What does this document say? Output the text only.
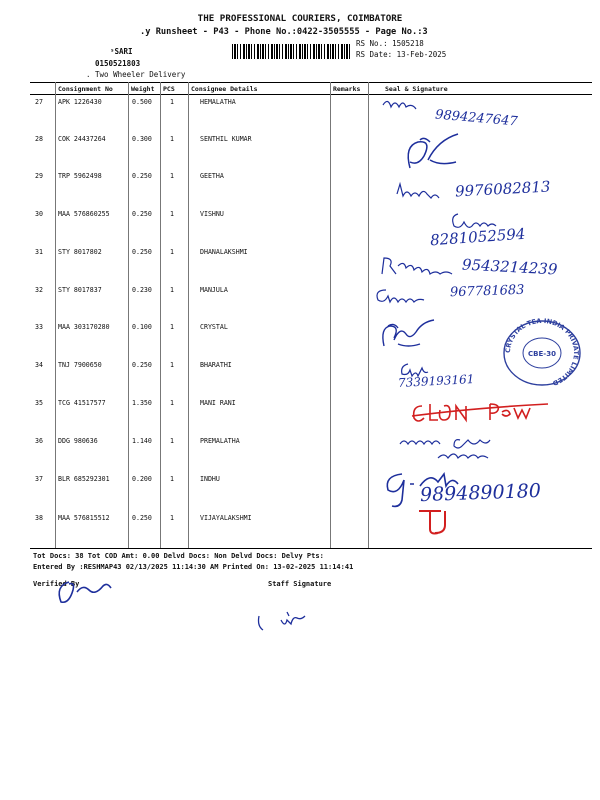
THE PROFESSIONAL COURIERS, COIMBATORE
.y Runsheet - P43 - Phone No.:0422-3505555 - Page No.:3
ˢSARI
0150521803
. Two Wheeler Delivery
RS No.: 1505218
RS Date: 13-Feb-2025
Consignment No	Weight PCS	Consignee Details	Remarks	Seal & Signature
27 APK 1226430	0.500	1	HEMALATHA
28 COK 24437264	0.300	1	SENTHIL KUMAR
29 TRP 5962498	0.250	1	GEETHA
30 MAA 576860255	0.250	1	VISHNU
31 STY 8017802	0.250	1	DHANALAKSHMI
32 STY 8017837	0.230	1	MANJULA
33 MAA 303170280	0.100	1	CRYSTAL
34 TNJ 7900650	0.250	1	BHARATHI
35 TCG 41517577	1.350	1	MANI RANI
36 DDG 980636	1.140	1	PREMALATHA
37 BLR 685292301	0.200	1	INDHU
38 MAA 576815512	0.250	1	VIJAYALAKSHMI
9894247647
9976082813
8281052594
9543214239
967781683
7339193161
9894890180
CRYSTAL TEA INDIA PRIVATE LIMITED
CBE-30
Tot Docs: 38 Tot COD Amt: 0.00 Delvd Docs: Non Delvd Docs: Delvy Pts:
Entered By :RESHMAP43 02/13/2025 11:14:30 AM Printed On: 13-02-2025 11:14:41
Verified By	Staff Signature
